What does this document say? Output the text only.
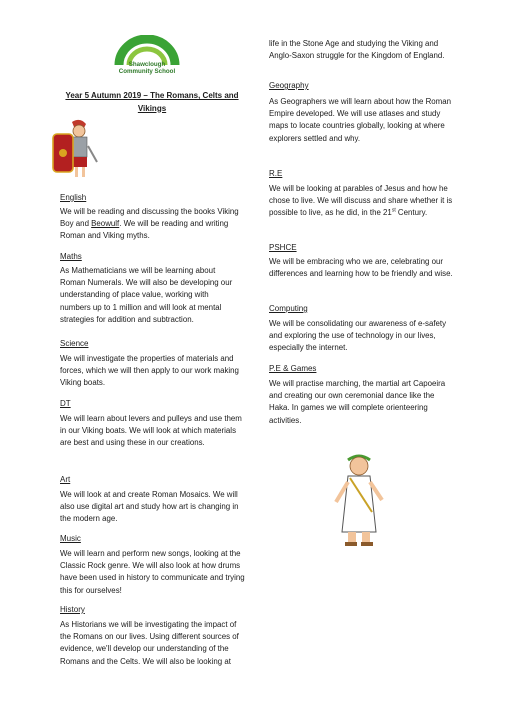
Shawclough
Community School
Year 5 Autumn 2019 – The Romans, Celts and Vikings
English
We will be reading and discussing the books Viking Boy and Beowulf. We will be reading and writing Roman and Viking myths.
Maths
As Mathematicians we will be learning about Roman Numerals. We will also be developing our understanding of place value, working with numbers up to 1 million and will look at mental strategies for addition and subtraction.
Science
We will investigate the properties of materials and forces, which we will then apply to our work making Viking boats.
DT
We will learn about levers and pulleys and use them in our Viking boats. We will look at which materials are best and using these in our creations.
Art
We will look at and create Roman Mosaics. We will also use digital art and study how art is changing in the modern age.
Music
We will learn and perform new songs, looking at the Classic Rock genre. We will also look at how drums have been used in history to communicate and trying this for ourselves!
History
As Historians we will be investigating the impact of the Romans on our lives. Using different sources of evidence, we'll develop our understanding of the Romans and the Celts. We will also be looking at
life in the Stone Age and studying the Viking and Anglo-Saxon struggle for the Kingdom of England.
Geography
As Geographers we will learn about how the Roman Empire developed. We will use atlases and study maps to locate countries globally, looking at where explorers settled and why.
R.E
We will be looking at parables of Jesus and how he chose to live. We will discuss and share whether it is possible to live, as he did, in the 21st Century.
PSHCE
We will be embracing who we are, celebrating our differences and learning how to be friendly and wise.
Computing
We will be consolidating our awareness of e-safety and exploring the use of technology in our lives, especially the internet.
P.E & Games
We will practise marching, the martial art Capoeira and creating our own ceremonial dance like the Haka. In games we will complete orienteering activities.
